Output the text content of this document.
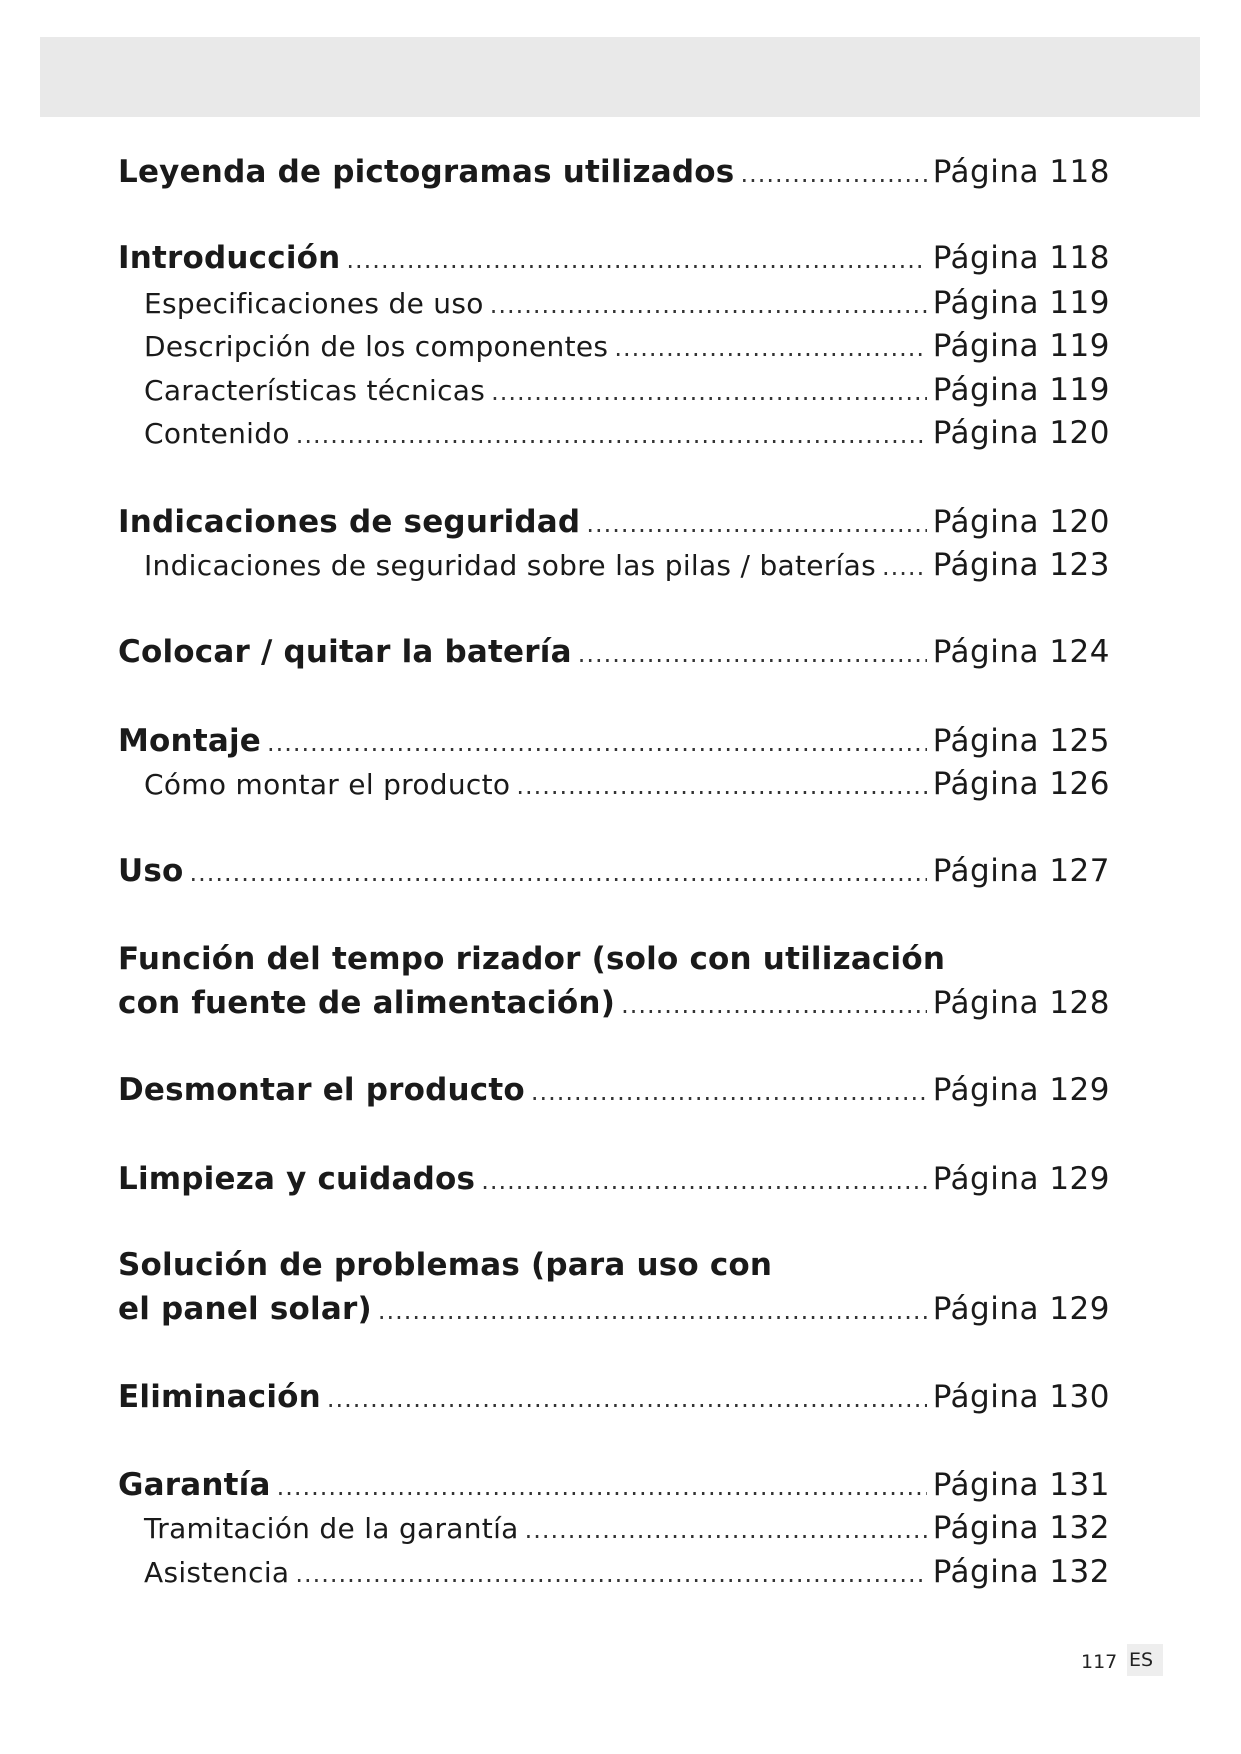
Leyenda de pictogramas utilizados .....	Página 118
Introducción .....	Página 118
Especificaciones de uso .....	Página 119
Descripción de los componentes .....	Página 119
Características técnicas .....	Página 119
Contenido .....	Página 120
Indicaciones de seguridad .....	Página 120
Indicaciones de seguridad sobre las pilas / baterías ..... Página 123
Colocar / quitar la batería .....	Página 124
Montaje .....	Página 125
Cómo montar el producto .....	Página 126
Uso .....	Página 127
Función del tempo rizador (solo con utilización
con fuente de alimentación) .....	Página 128
Desmontar el producto .....	Página 129
Limpieza y cuidados .....	Página 129
Solución de problemas (para uso con
el panel solar) .....	Página 129
Eliminación .....	Página 130
Garantía .....	Página 131
Tramitación de la garantía .....	Página 132
Asistencia .....	Página 132
117 ES
